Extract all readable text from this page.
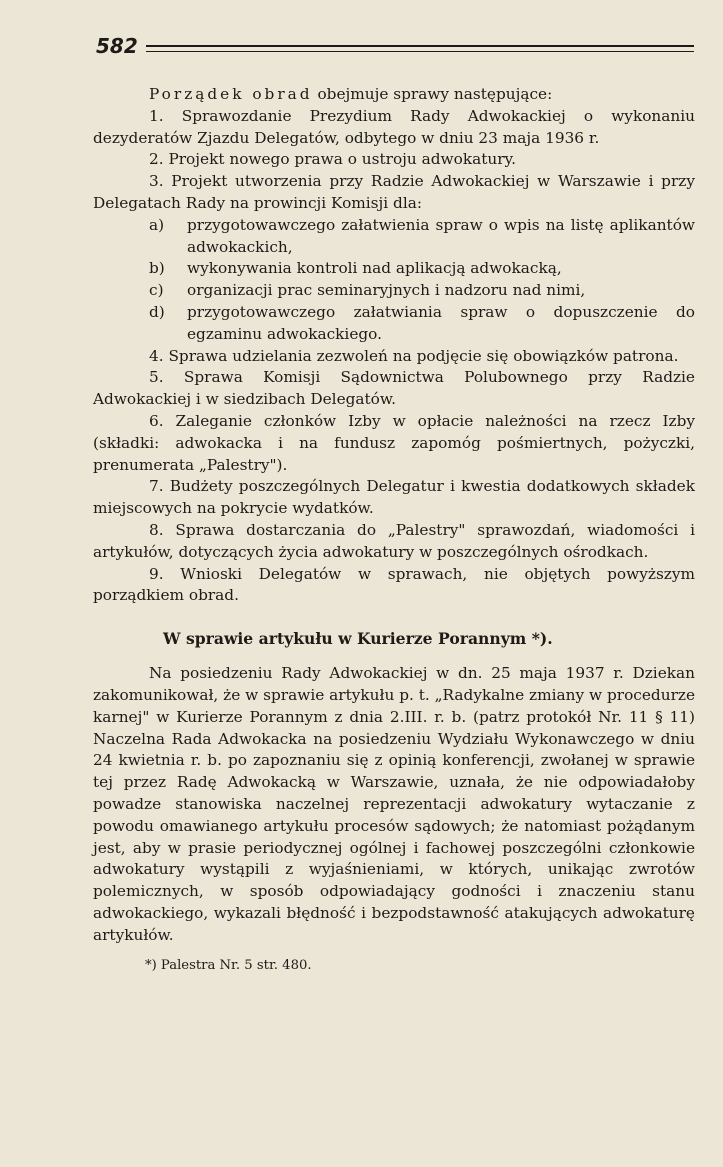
582

Porządek obrad obejmuje sprawy następujące:

1. Sprawozdanie Prezydium Rady Adwokackiej o wykonaniu dezyderatów Zjazdu Delegatów, odbytego w dniu 23 maja 1936 r.

2. Projekt nowego prawa o ustroju adwokatury.

3. Projekt utworzenia przy Radzie Adwokackiej w Warszawie i przy Delegatach Rady na prowincji Komisji dla:

a) przygotowawczego załatwienia spraw o wpis na listę aplikantów adwokackich,
b) wykonywania kontroli nad aplikacją adwokacką,
c) organizacji prac seminaryjnych i nadzoru nad nimi,
d) przygotowawczego załatwiania spraw o dopuszczenie do egzaminu adwokackiego.

4. Sprawa udzielania zezwoleń na podjęcie się obowiązków patrona.

5. Sprawa Komisji Sądownictwa Polubownego przy Radzie Adwokackiej i w siedzibach Delegatów.

6. Zaleganie członków Izby w opłacie należności na rzecz Izby (składki: adwokacka i na fundusz zapomóg pośmiertnych, pożyczki, prenumerata „Palestry").

7. Budżety poszczególnych Delegatur i kwestia dodatkowych składek miejscowych na pokrycie wydatków.

8. Sprawa dostarczania do „Palestry" sprawozdań, wiadomości i artykułów, dotyczących życia adwokatury w poszczególnych ośrodkach.

9. Wnioski Delegatów w sprawach, nie objętych powyższym porządkiem obrad.

W sprawie artykułu w Kurierze Porannym *).

Na posiedzeniu Rady Adwokackiej w dn. 25 maja 1937 r. Dziekan zakomunikował, że w sprawie artykułu p. t. „Radykalne zmiany w procedurze karnej" w Kurierze Porannym z dnia 2.III. r. b. (patrz protokół Nr. 11 § 11) Naczelna Rada Adwokacka na posiedzeniu Wydziału Wykonawczego w dniu 24 kwietnia r. b. po zapoznaniu się z opinią konferencji, zwołanej w sprawie tej przez Radę Adwokacką w Warszawie, uznała, że nie odpowiadałoby powadze stanowiska naczelnej reprezentacji adwokatury wytaczanie z powodu omawianego artykułu procesów sądowych; że natomiast pożądanym jest, aby w prasie periodycznej ogólnej i fachowej poszczególni członkowie adwokatury wystąpili z wyjaśnieniami, w których, unikając zwrotów polemicznych, w sposób odpowiadający godności i znaczeniu stanu adwokackiego, wykazali błędność i bezpodstawność atakujących adwokaturę artykułów.

*) Palestra Nr. 5 str. 480.
